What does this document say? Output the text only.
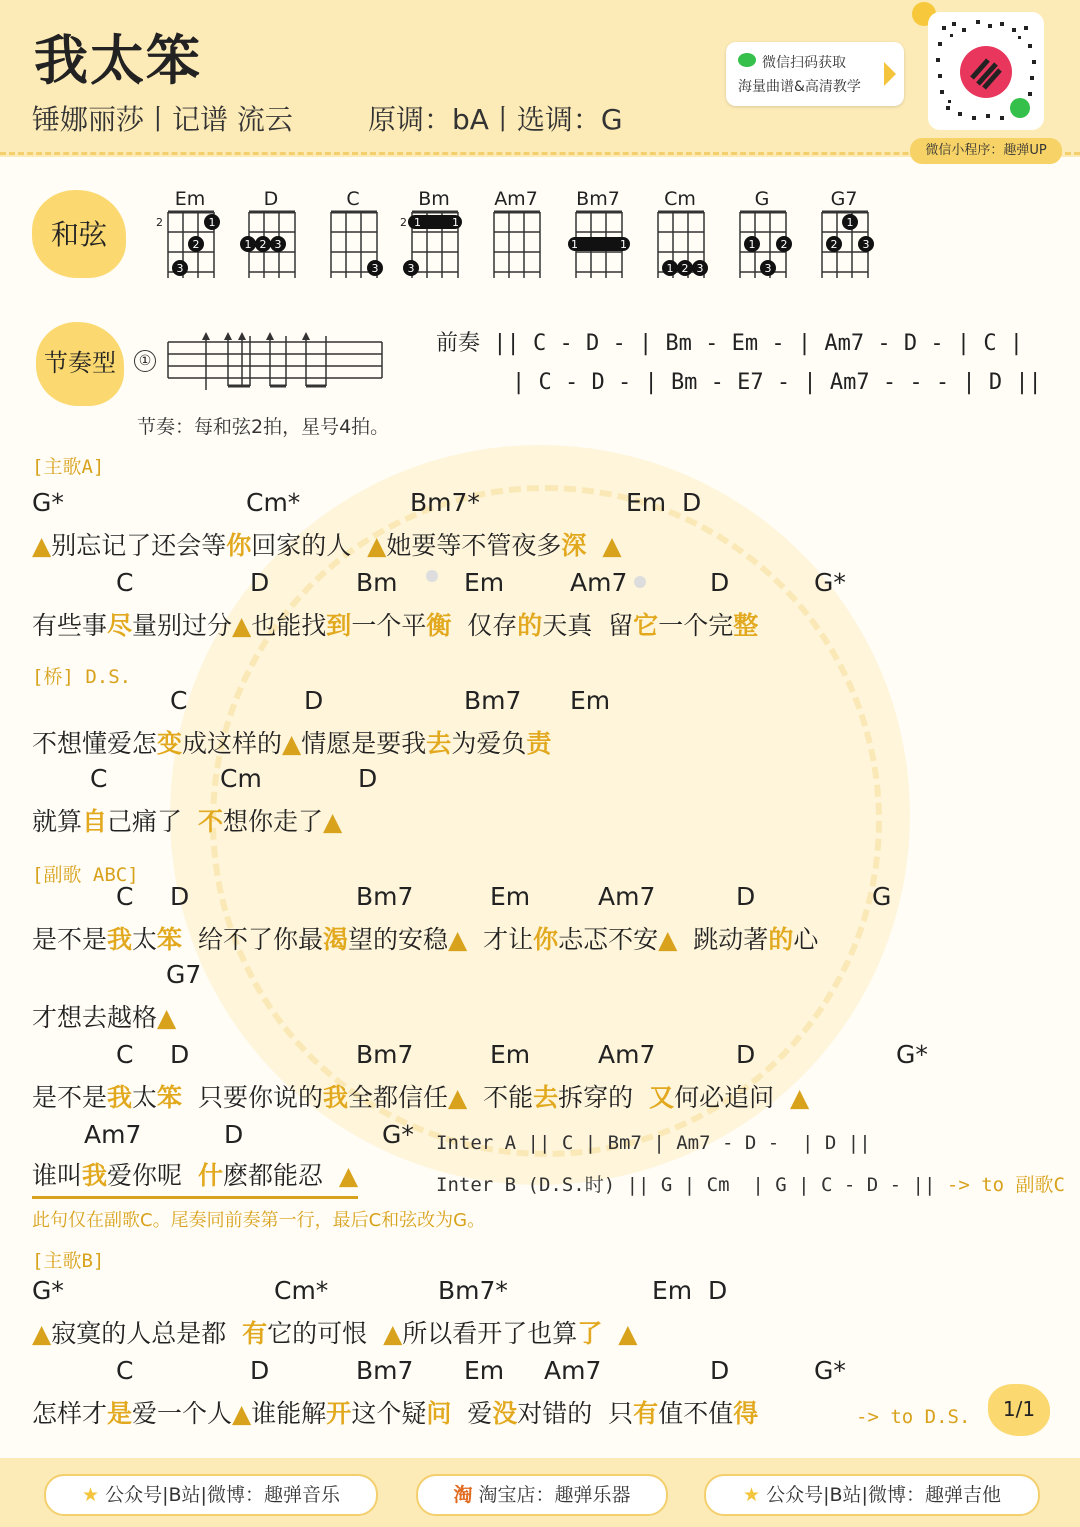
我太笨
锤娜丽莎丨记谱 流云	原调：bA丨选调：G
微信扫码获取
海量曲谱&高清教学
微信小程序：趣弹UP
和弦
Em
2	1
2
3
D
1 2 3
C
3
Bm
2 1	1
3
Am7 Bm7
1	1
Cm
1 2 3
G
1 2
3
G7
1
2 3
节奏型	①
节奏：每和弦2拍，星号4拍。
前奏 || C - D - | Bm - Em - | Am7 - D - | C |
| C - D - | Bm - E7 - | Am7 - - - | D ||
[主歌A]
G*	Cm*	Bm7*	Em  D
▲别忘记了还会等你回家的人  ▲她要等不管夜多深 ▲
C	D	Bm	Em	Am7	D	G*
有些事尽量别过分▲也能找到一个平衡  仅存的天真  留它一个完整
[桥] D.S.
C	D	Bm7 Em
不想懂爱怎变成这样的▲情愿是要我去为爱负责
C	Cm	D
就算自己痛了  不想你走了▲
[副歌 ABC]
C D	Bm7	Em	Am7	D	G
是不是我太笨  给不了你最渴望的安稳▲  才让你忐忑不安▲  跳动著的心
G7
才想去越格▲
C D	Bm7	Em	Am7	D	G*
是不是我太笨  只要你说的我全都信任▲  不能去拆穿的  又何必追问  ▲
Am7	D	G*
谁叫我爱你呢  什麽都能忍  ▲
Inter A || C | Bm7 | Am7 - D -  | D ||
Inter B (D.S.时) || G | Cm  | G | C - D - || -> to 副歌C
此句仅在副歌C。尾奏同前奏第一行，最后C和弦改为G。
[主歌B]
G*	Cm*	Bm7*	Em  D
▲寂寞的人总是都  有它的可恨  ▲所以看开了也算了 ▲
C	D	Bm7 Em Am7	D	G*
怎样才是爱一个人▲谁能解开这个疑问  爱没对错的  只有值不值得	-> to D.S.	1/1
★ 公众号|B站|微博：趣弹音乐	淘 淘宝店：趣弹乐器	★ 公众号|B站|微博：趣弹吉他
